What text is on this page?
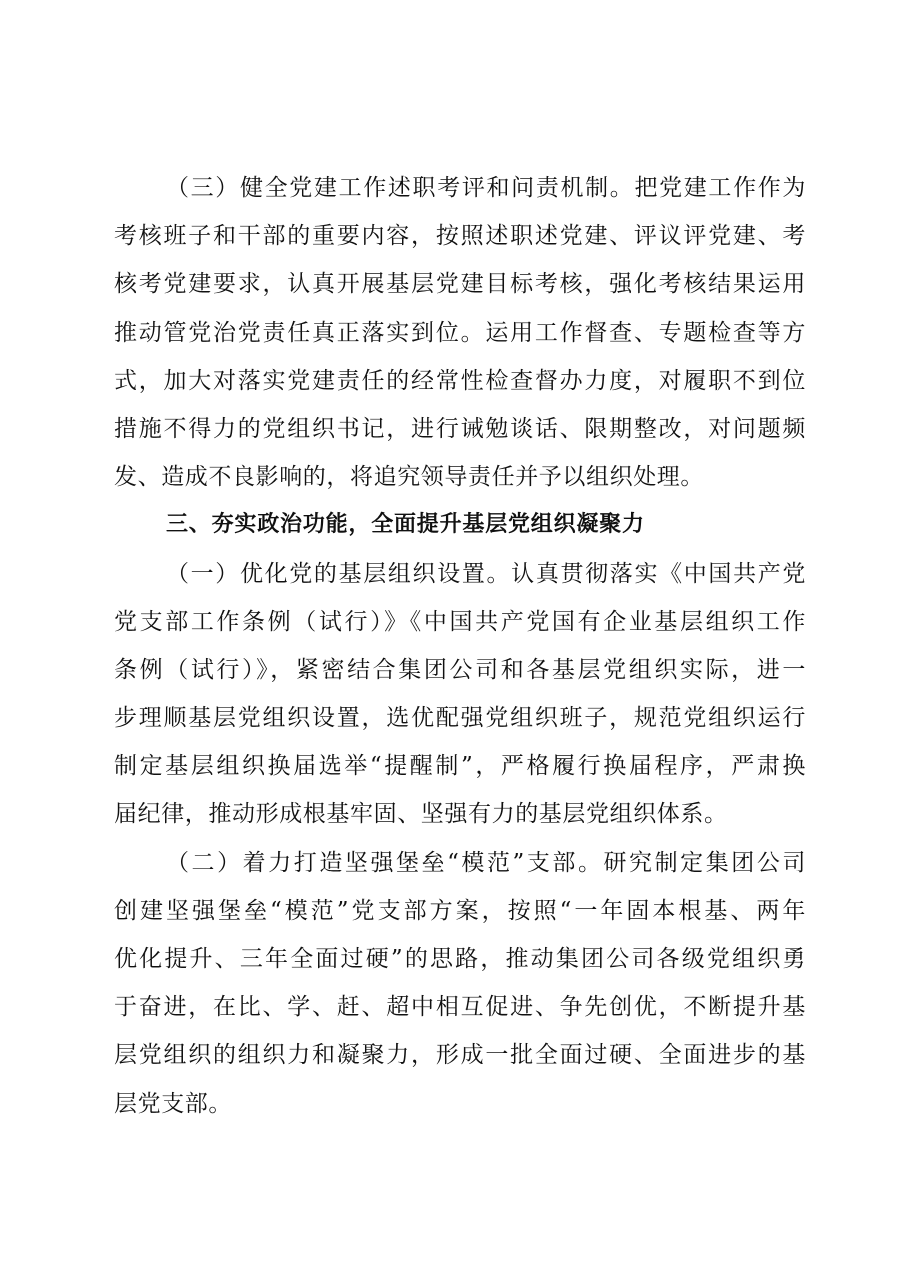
（三）健全党建工作述职考评和问责机制。把党建工作作为
考核班子和干部的重要内容，按照述职述党建、评议评党建、考
核考党建要求，认真开展基层党建目标考核，强化考核结果运用
推动管党治党责任真正落实到位。运用工作督查、专题检查等方
式，加大对落实党建责任的经常性检查督办力度，对履职不到位
措施不得力的党组织书记，进行诫勉谈话、限期整改，对问题频
发、造成不良影响的，将追究领导责任并予以组织处理。
三、夯实政治功能，全面提升基层党组织凝聚力
（一）优化党的基层组织设置。认真贯彻落实《中国共产党
党支部工作条例（试行）》《中国共产党国有企业基层组织工作
条例（试行）》，紧密结合集团公司和各基层党组织实际，进一
步理顺基层党组织设置，选优配强党组织班子，规范党组织运行
制定基层组织换届选举“提醒制”，严格履行换届程序，严肃换
届纪律，推动形成根基牢固、坚强有力的基层党组织体系。
（二）着力打造坚强堡垒“模范”支部。研究制定集团公司
创建坚强堡垒“模范”党支部方案，按照“一年固本根基、两年
优化提升、三年全面过硬”的思路，推动集团公司各级党组织勇
于奋进，在比、学、赶、超中相互促进、争先创优，不断提升基
层党组织的组织力和凝聚力，形成一批全面过硬、全面进步的基
层党支部。
